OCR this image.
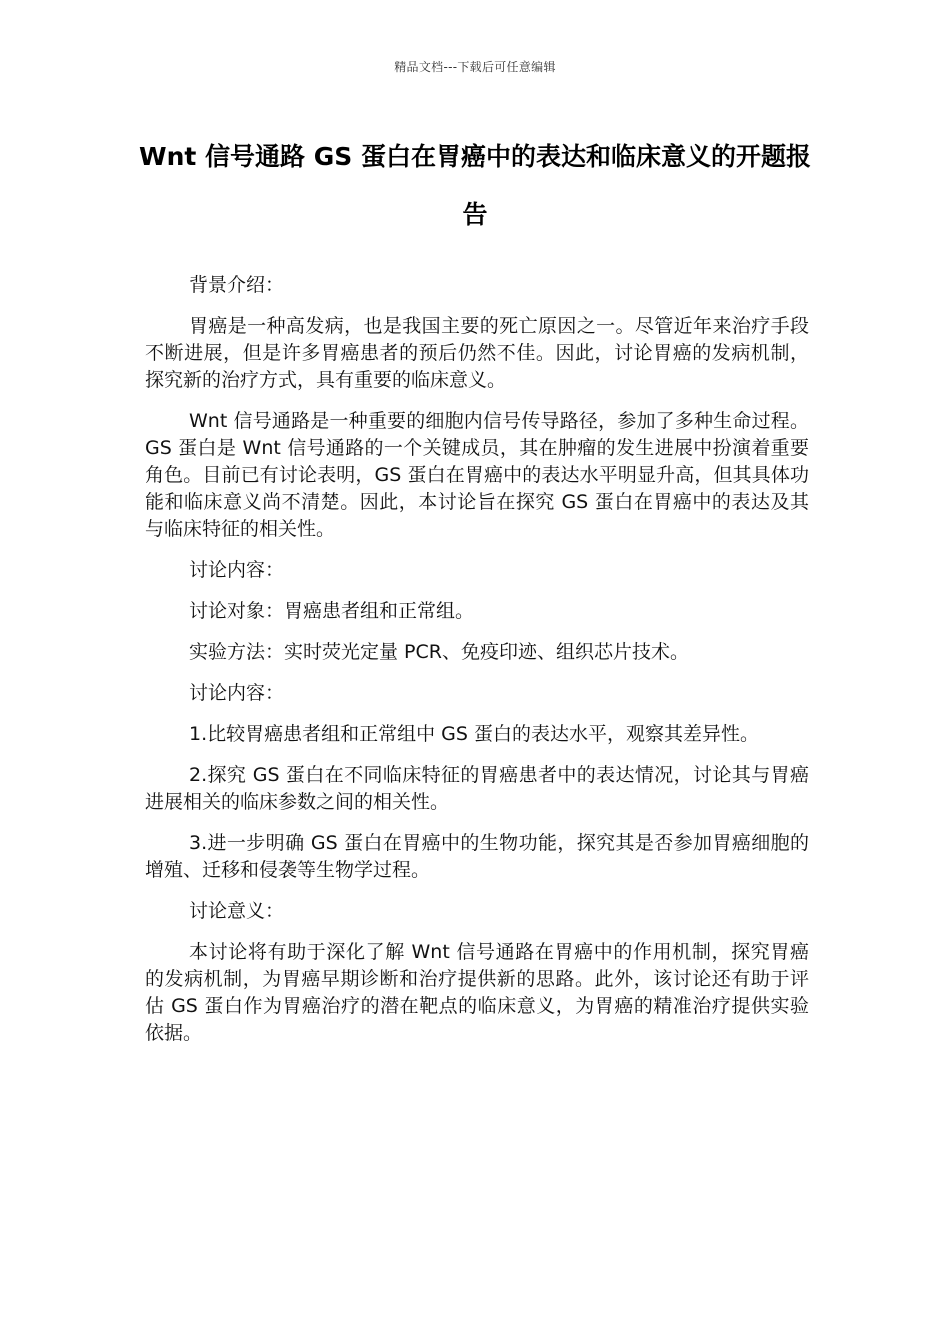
精品文档---下载后可任意编辑
Wnt 信号通路 GS 蛋白在胃癌中的表达和临床意义的开题报告

背景介绍：

胃癌是一种高发病，也是我国主要的死亡原因之一。尽管近年来治疗手段不断进展，但是许多胃癌患者的预后仍然不佳。因此，讨论胃癌的发病机制，探究新的治疗方式，具有重要的临床意义。

Wnt 信号通路是一种重要的细胞内信号传导路径，参加了多种生命过程。GS 蛋白是 Wnt 信号通路的一个关键成员，其在肿瘤的发生进展中扮演着重要角色。目前已有讨论表明，GS 蛋白在胃癌中的表达水平明显升高，但其具体功能和临床意义尚不清楚。因此，本讨论旨在探究 GS 蛋白在胃癌中的表达及其与临床特征的相关性。

讨论内容：

讨论对象：胃癌患者组和正常组。

实验方法：实时荧光定量 PCR、免疫印迹、组织芯片技术。

讨论内容：

1.比较胃癌患者组和正常组中 GS 蛋白的表达水平，观察其差异性。

2.探究 GS 蛋白在不同临床特征的胃癌患者中的表达情况，讨论其与胃癌进展相关的临床参数之间的相关性。

3.进一步明确 GS 蛋白在胃癌中的生物功能，探究其是否参加胃癌细胞的增殖、迁移和侵袭等生物学过程。

讨论意义：

本讨论将有助于深化了解 Wnt 信号通路在胃癌中的作用机制，探究胃癌的发病机制，为胃癌早期诊断和治疗提供新的思路。此外，该讨论还有助于评估 GS 蛋白作为胃癌治疗的潜在靶点的临床意义，为胃癌的精准治疗提供实验依据。
